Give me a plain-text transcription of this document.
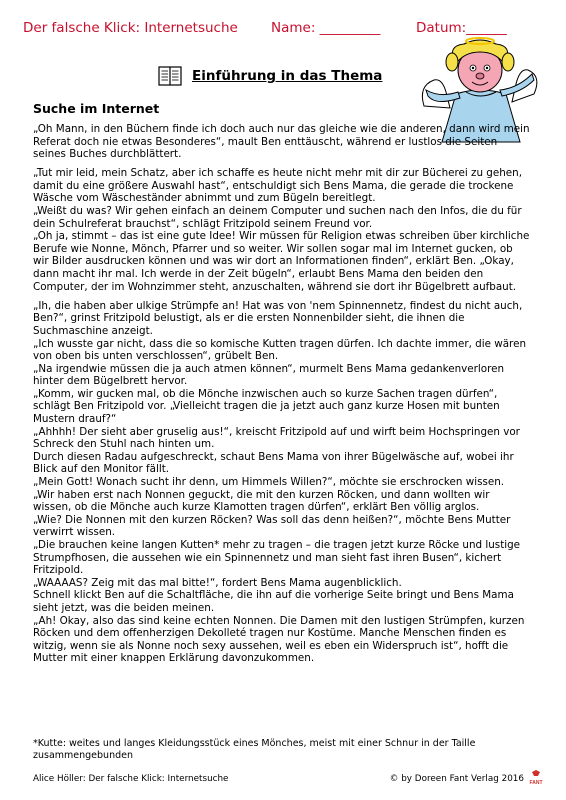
Der falsche Klick: Internetsuche Name: _________	Datum:______
Einführung in das Thema
Suche im Internet

„Oh Mann, in den Büchern finde ich doch auch nur das gleiche wie die anderen, dann wird mein Referat doch nie etwas Besonderes“, mault Ben enttäuscht, während er lustlos die Seiten seines Buches durchblättert.

„Tut mir leid, mein Schatz, aber ich schaffe es heute nicht mehr mit dir zur Bücherei zu gehen, damit du eine größere Auswahl hast“, entschuldigt sich Bens Mama, die gerade die trockene Wäsche vom Wäscheständer abnimmt und zum Bügeln bereitlegt.

„Weißt du was? Wir gehen einfach an deinem Computer und suchen nach den Infos, die du für dein Schulreferat brauchst“, schlägt Fritzipold seinem Freund vor.

„Oh ja, stimmt – das ist eine gute Idee! Wir müssen für Religion etwas schreiben über kirchliche Berufe wie Nonne, Mönch, Pfarrer und so weiter. Wir sollen sogar mal im Internet gucken, ob wir Bilder ausdrucken können und was wir dort an Informationen finden“, erklärt Ben. „Okay, dann macht ihr mal. Ich werde in der Zeit bügeln“, erlaubt Bens Mama den beiden den Computer, der im Wohnzimmer steht, anzuschalten, während sie dort ihr Bügelbrett aufbaut.

„Ih, die haben aber ulkige Strümpfe an! Hat was von 'nem Spinnennetz, findest du nicht auch, Ben?“, grinst Fritzipold belustigt, als er die ersten Nonnenbilder sieht, die ihnen die Suchmaschine anzeigt.

„Ich wusste gar nicht, dass die so komische Kutten tragen dürfen. Ich dachte immer, die wären von oben bis unten verschlossen“, grübelt Ben.

„Na irgendwie müssen die ja auch atmen können“, murmelt Bens Mama gedankenverloren hinter dem Bügelbrett hervor.

„Komm, wir gucken mal, ob die Mönche inzwischen auch so kurze Sachen tragen dürfen“, schlägt Ben Fritzipold vor. „Vielleicht tragen die ja jetzt auch ganz kurze Hosen mit bunten Mustern drauf?“

„Ahhhh! Der sieht aber gruselig aus!“, kreischt Fritzipold auf und wirft beim Hochspringen vor Schreck den Stuhl nach hinten um.

Durch diesen Radau aufgeschreckt, schaut Bens Mama von ihrer Bügelwäsche auf, wobei ihr Blick auf den Monitor fällt.

„Mein Gott! Wonach sucht ihr denn, um Himmels Willen?“, möchte sie erschrocken wissen.

„Wir haben erst nach Nonnen geguckt, die mit den kurzen Röcken, und dann wollten wir wissen, ob die Mönche auch kurze Klamotten tragen dürfen“, erklärt Ben völlig arglos.

„Wie? Die Nonnen mit den kurzen Röcken? Was soll das denn heißen?“, möchte Bens Mutter verwirrt wissen.

„Die brauchen keine langen Kutten* mehr zu tragen – die tragen jetzt kurze Röcke und lustige Strumpfhosen, die aussehen wie ein Spinnennetz und man sieht fast ihren Busen“, kichert Fritzipold.

„WAAAAS? Zeig mit das mal bitte!“, fordert Bens Mama augenblicklich.

Schnell klickt Ben auf die Schaltfläche, die ihn auf die vorherige Seite bringt und Bens Mama sieht jetzt, was die beiden meinen.

„Ah! Okay, also das sind keine echten Nonnen. Die Damen mit den lustigen Strümpfen, kurzen Röcken und dem offenherzigen Dekolleté tragen nur Kostüme. Manche Menschen finden es witzig, wenn sie als Nonne noch sexy aussehen, weil es eben ein Widerspruch ist“, hofft die Mutter mit einer knappen Erklärung davonzukommen.

*Kutte: weites und langes Kleidungsstück eines Mönches, meist mit einer Schnur in der Taille zusammengebunden
Alice Höller: Der falsche Klick: Internetsuche	© by Doreen Fant Verlag 2016 FANT
